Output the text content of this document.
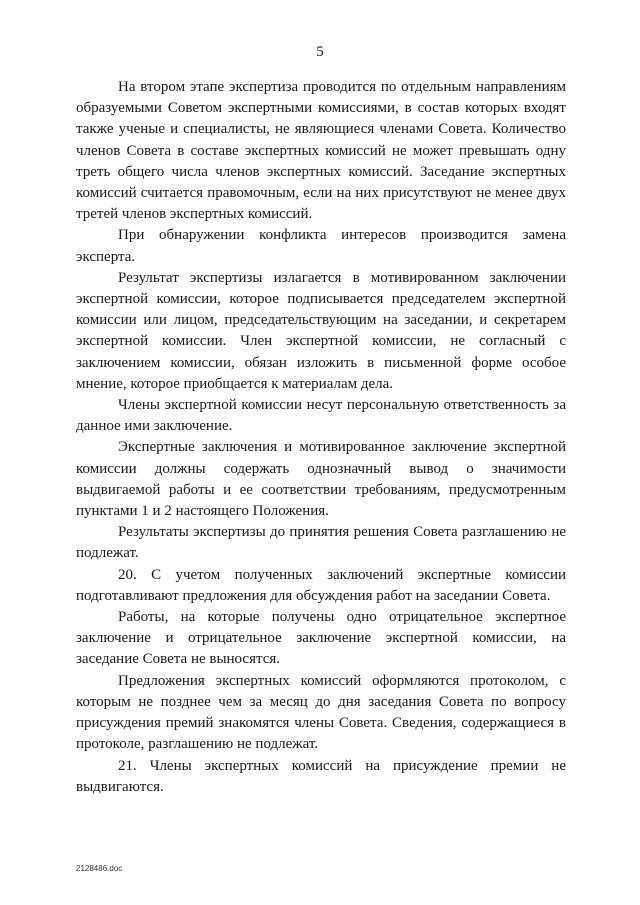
5

На втором этапе экспертиза проводится по отдельным направлениям образуемыми Советом экспертными комиссиями, в состав которых входят также ученые и специалисты, не являющиеся членами Совета. Количество членов Совета в составе экспертных комиссий не может превышать одну треть общего числа членов экспертных комиссий. Заседание экспертных комиссий считается правомочным, если на них присутствуют не менее двух третей членов экспертных комиссий.

При обнаружении конфликта интересов производится замена эксперта.

Результат экспертизы излагается в мотивированном заключении экспертной комиссии, которое подписывается председателем экспертной комиссии или лицом, председательствующим на заседании, и секретарем экспертной комиссии. Член экспертной комиссии, не согласный с заключением комиссии, обязан изложить в письменной форме особое мнение, которое приобщается к материалам дела.

Члены экспертной комиссии несут персональную ответственность за данное ими заключение.

Экспертные заключения и мотивированное заключение экспертной комиссии должны содержать однозначный вывод о значимости выдвигаемой работы и ее соответствии требованиям, предусмотренным пунктами 1 и 2 настоящего Положения.

Результаты экспертизы до принятия решения Совета разглашению не подлежат.

20. С учетом полученных заключений экспертные комиссии подготавливают предложения для обсуждения работ на заседании Совета.

Работы, на которые получены одно отрицательное экспертное заключение и отрицательное заключение экспертной комиссии, на заседание Совета не выносятся.

Предложения экспертных комиссий оформляются протоколом, с которым не позднее чем за месяц до дня заседания Совета по вопросу присуждения премий знакомятся члены Совета. Сведения, содержащиеся в протоколе, разглашению не подлежат.

21. Члены экспертных комиссий на присуждение премии не выдвигаются.

2128486.doc
